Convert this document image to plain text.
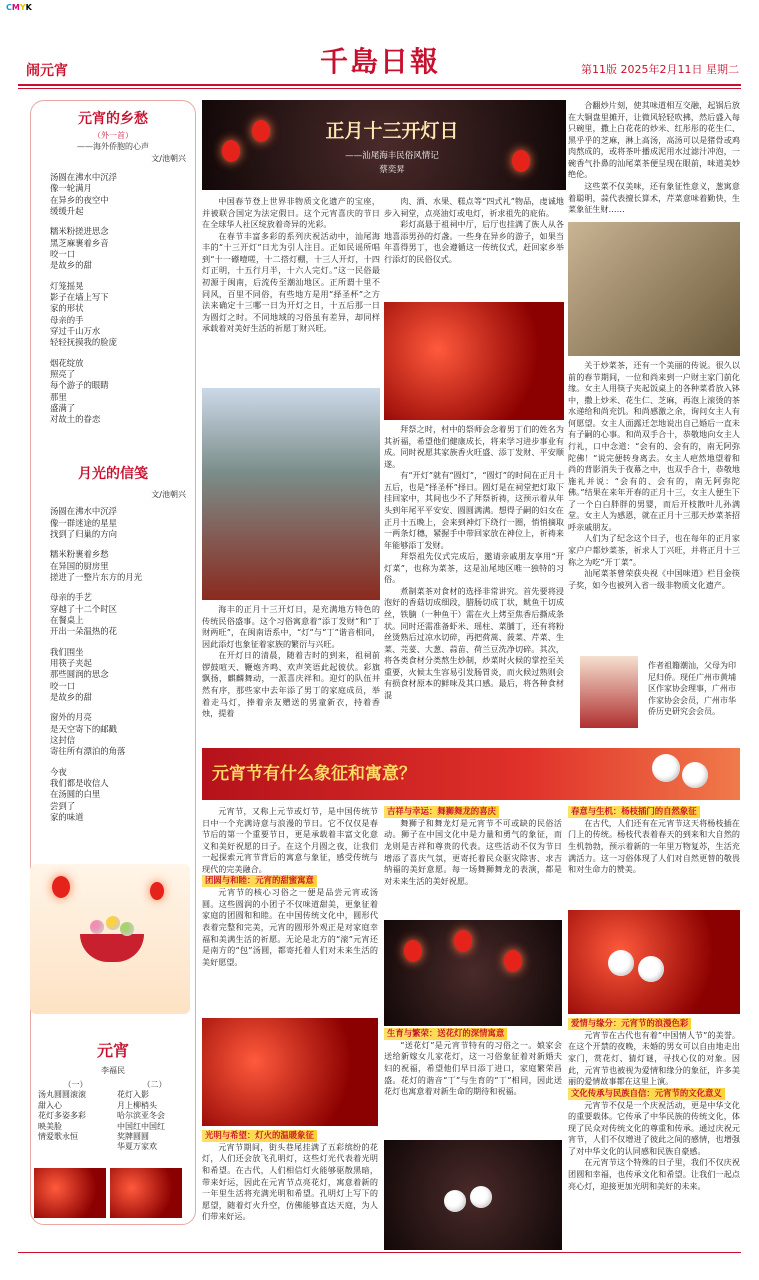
CMYK
闹元宵	千島日報	第11版 2025年2月11日 星期二
元宵的乡愁
（外一首）
——海外侨胞的心声
文/池朝兴

汤圆在沸水中沉浮

像一轮满月

在异乡的夜空中

缓缓升起

糯米粉搓进思念

黑芝麻裹着乡音

咬一口

是故乡的甜

灯笼摇晃

影子在墙上写下

家的形状

母亲的手

穿过千山万水

轻轻抚摸我的脸庞

烟花绽放

照亮了

每个游子的眼睛

那里

盛满了

对故土的眷恋

月光的信笺
文/池朝兴

汤圆在沸水中沉浮

像一群迷途的星星

找到了归巢的方向

糯米粉裹着乡愁

在异国的厨房里

搓进了一整片东方的月光

母亲的手艺

穿越了十二个时区

在餐桌上

开出一朵温热的花

我们围坐

用筷子夹起

那些圆润的思念

咬一口

是故乡的甜

窗外的月亮

是天空寄下的邮戳

这封信

寄往所有漂泊的角落

今夜

我们都是收信人

在汤圆的白里

尝到了

家的味道

元宵
李福民
（一）
汤丸圆圆滚滚
甜入心
花灯多姿多彩
映美脸
情爱歌永恒
（二）
花灯入影
月上柳梢头
哈尔滨亚冬会
中国红中国红
奖牌圆圆
华夏万家欢
正月十三开灯日
——汕尾海丰民俗风情记
蔡奕昇

中国春节登上世界非物质文化遗产的宝座，并被联合国定为法定假日。这个元宵喜庆的节日在全球华人社区绽放着奇异的光彩。

在春节丰富多彩的系列庆祝活动中，汕尾海丰的“十三开灯”日尤为引人注目。正如民谣所唱到“十一礤噎嗟，十二搭灯棚，十三人开灯，十四灯正明，十五行月半，十六人完灯。”这一民俗最初源于闽南，后流传至潮汕地区。正所谓十里不同风，百里不同俗，有些地方是用“择圣杯”之方法来确定十三哪一日为开灯之日，十五后那一日为圆灯之时。不同地域的习俗虽有差异，却同样承载着对美好生活的祈愿丁财兴旺。

海丰的正月十三开灯日，是充满地方特色的传统民俗盛事。这个习俗寓意着“添丁发财”和“丁财两旺”，在闽南语系中，“灯”与“丁”谐音相同，因此添灯也象征着家族的繁衍与兴旺。

在开灯日的清晨，随着吉时的到来，祖祠前锣鼓喧天、鞭炮齐鸣、欢声笑语此起彼伏。彩旗飘扬，麒麟舞动，一派喜庆祥和。迎灯的队伍井然有序，那些家中去年添了男丁的家庭成员，举着走马灯，捧着亲友赠送的男童新衣，持着香烛，提着

肉、酒、水果、糕点等“四式礼”物品，虔诚地步入祠堂，点亮油灯或电灯，祈求祖先的庇佑。

彩灯高悬于祖祠中厅，后厅也挂满了族人从各地喜添男孙的灯盏。一些身在异乡的游子，如果当年喜得男丁，也会遵循这一传统仪式，赶回家乡举行添灯的民俗仪式。

拜祭之时，村中的祭师会念着男丁们的姓名为其祈福，希望他们健康成长，将来学习进步事业有成。同时祝愿其家族香火旺盛、添丁发财、平安顺遂。

有“开灯”就有“圆灯”，“圆灯”的时间在正月十五后，也是“择圣杯”择日。圆灯是在祠堂把灯取下挂回家中，其间也少不了拜祭祈祷，这预示着从年头到年尾平平安安、圆圆满满。想得子嗣的妇女在正月十五晚上，会来到神灯下绕行一圈，悄悄摘取一两条灯穗，紧握手中带回家放在神位上，祈祷来年能够添丁发财。

拜祭祖先仪式完成后，邀请亲戚朋友享用“开灯菜”，也称为菜茶，这是汕尾地区唯一独特的习俗。

煮制菜茶对食材的选择非常讲究。首先要将浸泡好的香菇切成细段，腊肠切成丁状，鱿鱼干切成丝，铁腩（一种鱼干）需在火上烤至焦香后撕成条状。同时还需准备虾米、瑶柱、菜脯丁，还有将粉丝烫熟后过凉水切碎，再把荷蒿、菠菜、芹菜、生菜、芫荽、大葱、蒜苗、荷兰豆洗净切碎。其次，将各类食材分类熬生炒制，炒菜时火候的掌控至关重要，火候太生容易引发肠胃炎，而火候过熟则会有损食材原本的鲜味及其口感。最后，将各种食材混

合翻炒片刻，使其味道相互交融，起锅后放在大铜盘里摊开，让微风轻轻吹拂，然后盛入每只碗里，撒上白花花的炒米、红彤彤的花生仁、黑乎乎的芝麻，淋上高汤，高汤可以是猪骨或鸡肉熬成的，或将茶叶播成泥用水过滤汁冲泡，一碗香气扑鼻的汕尾菜茶便呈现在眼前，味道美妙绝伦。

这些菜不仅美味，还有象征性意义，葱寓意着聪明，蒜代表擅长算术，芹菜意味着勤快，生菜象征生财……

关于炒菜茶，还有一个美丽的传说。很久以前的春节期间，一位和尚来到一户财主家门前化缘。女主人用筷子夹起饭桌上的各种菜肴放入钵中，撒上炒米、花生仁、芝麻，再泡上滚烫的茶水递给和尚充饥。和尚感激之余，询问女主人有何愿望。女主人面露迁怎地说出自己婚后一直未有子嗣的心事。和尚双手合十，恭敬地向女主人行礼，口中念道：“会有的、会有的，南无阿弥陀佛！”说完便转身离去。女主人疤然地望着和尚的背影消失于夜幕之中，也双手合十，恭敬地施礼并说：“会有的、会有的，南无阿弥陀佛。”结果在来年开春的正月十三，女主人便生下了一个白白胖胖的男婴，而后开枝散叶儿孙满堂。女主人为感恩，就在正月十三那天炒菜茶招呼亲戚朋友。

人们为了纪念这个日子，也在每年的正月家家户户都炒菜茶，祈求人丁兴旺，并将正月十三称之为吃“开丁菜”。

汕尾菜茶曾荣获央视《中国味道》栏目金筷子奖，如今也被列入省一级非物质文化遗产。

作者祖籍潮汕，父母为印尼归侨。现任广州市黄埔区作家协会理事，广州市作家协会会员，广州市华侨历史研究会会员。
元宵节有什么象征和寓意？

元宵节，又称上元节或灯节，是中国传统节日中一个充满诗意与浪漫的节日。它不仅仅是春节后的第一个重要节日，更是承载着丰富文化意义和美好祝愿的日子。在这个月圆之夜，让我们一起探索元宵节背后的寓意与象征，感受传统与现代的完美融合。

团圆与和睦：元宵的甜蜜寓意

元宵节的核心习俗之一便是品尝元宵或汤圆。这些圆润的小团子不仅味道甜美，更象征着家庭的团圆和和睦。在中国传统文化中，圆形代表着完整和完美，元宵的圆形外观正是对家庭幸福和美满生活的祈愿。无论是北方的“滚”元宵还是南方的“包”汤圆，都寄托着人们对未来生活的美好愿望。

光明与希望：灯火的温暖象征

元宵节期间，街头巷尾挂满了五彩缤纷的花灯，人们还会放飞孔明灯，这些灯光代表着光明和希望。在古代，人们相信灯火能够驱散黑暗，带来好运，因此在元宵节点亮花灯，寓意着新的一年里生活将充满光明和希望。孔明灯上写下的愿望，随着灯火升空，仿佛能够直达天庭，为人们带来好运。

吉祥与幸运：舞狮舞龙的喜庆

舞狮子和舞龙灯是元宵节不可或缺的民俗活动。狮子在中国文化中是力量和勇气的象征，而龙则是吉祥和尊贵的代表。这些活动不仅为节日增添了喜庆气氛，更寄托着民众驱灾除害、求吉纳福的美好意愿。每一场舞狮舞龙的表演，都是对未来生活的美好祝愿。

生育与繁荣：送花灯的深情寓意

“送花灯”是元宵节特有的习俗之一。娘家会送给新嫁女儿家花灯，这一习俗象征着对新婚夫妇的祝福，希望他们早日添丁进口，家庭繁荣昌盛。花灯的谐音“丁”与生育的“丁”相同，因此送花灯也寓意着对新生命的期待和祝福。

春意与生机：杨枝插门的自然象征

在古代，人们还有在元宵节这天将杨枝插在门上的传统。杨枝代表着春天的到来和大自然的生机勃勃，预示着新的一年里万物复苏，生活充满活力。这一习俗体现了人们对自然更替的敬畏和对生命力的赞美。

爱情与缘分：元宵节的浪漫色彩

元宵节在古代也有着“中国情人节”的美誉。在这个开禁的夜晚，未婚的男女可以自由地走出家门，赏花灯、猜灯谜，寻找心仪的对象。因此，元宵节也被视为爱情和缘分的象征，许多美丽的爱情故事都在这里上演。

文化传承与民族自信：元宵节的文化意义

元宵节不仅是一个庆祝活动，更是中华文化的重要载体。它传承了中华民族的传统文化，体现了民众对传统文化的尊重和传承。通过庆祝元宵节，人们不仅增进了彼此之间的感情，也增强了对中华文化的认同感和民族自豪感。

在元宵节这个特殊的日子里，我们不仅庆祝团圆和幸福，也传承文化和希望。让我们一起点亮心灯，迎接更加光明和美好的未来。
